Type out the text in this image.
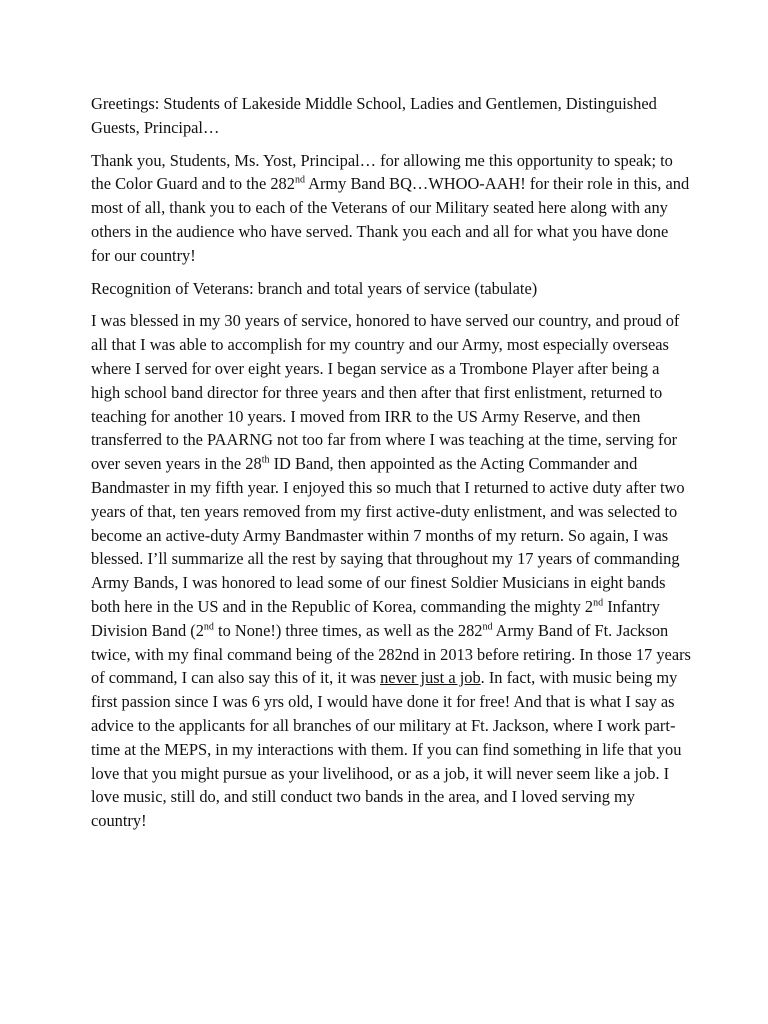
Greetings: Students of Lakeside Middle School, Ladies and Gentlemen, Distinguished Guests, Principal…

Thank you, Students, Ms. Yost, Principal… for allowing me this opportunity to speak; to the Color Guard and to the 282nd Army Band BQ…WHOO-AAH! for their role in this, and most of all, thank you to each of the Veterans of our Military seated here along with any others in the audience who have served. Thank you each and all for what you have done for our country!

Recognition of Veterans: branch and total years of service (tabulate)

I was blessed in my 30 years of service, honored to have served our country, and proud of all that I was able to accomplish for my country and our Army, most especially overseas where I served for over eight years. I began service as a Trombone Player after being a high school band director for three years and then after that first enlistment, returned to teaching for another 10 years. I moved from IRR to the US Army Reserve, and then transferred to the PAARNG not too far from where I was teaching at the time, serving for over seven years in the 28th ID Band, then appointed as the Acting Commander and Bandmaster in my fifth year. I enjoyed this so much that I returned to active duty after two years of that, ten years removed from my first active-duty enlistment, and was selected to become an active-duty Army Bandmaster within 7 months of my return. So again, I was blessed. I’ll summarize all the rest by saying that throughout my 17 years of commanding Army Bands, I was honored to lead some of our finest Soldier Musicians in eight bands both here in the US and in the Republic of Korea, commanding the mighty 2nd Infantry Division Band (2nd to None!) three times, as well as the 282nd Army Band of Ft. Jackson twice, with my final command being of the 282nd in 2013 before retiring. In those 17 years of command, I can also say this of it, it was never just a job. In fact, with music being my first passion since I was 6 yrs old, I would have done it for free! And that is what I say as advice to the applicants for all branches of our military at Ft. Jackson, where I work part-time at the MEPS, in my interactions with them. If you can find something in life that you love that you might pursue as your livelihood, or as a job, it will never seem like a job. I love music, still do, and still conduct two bands in the area, and I loved serving my country!
